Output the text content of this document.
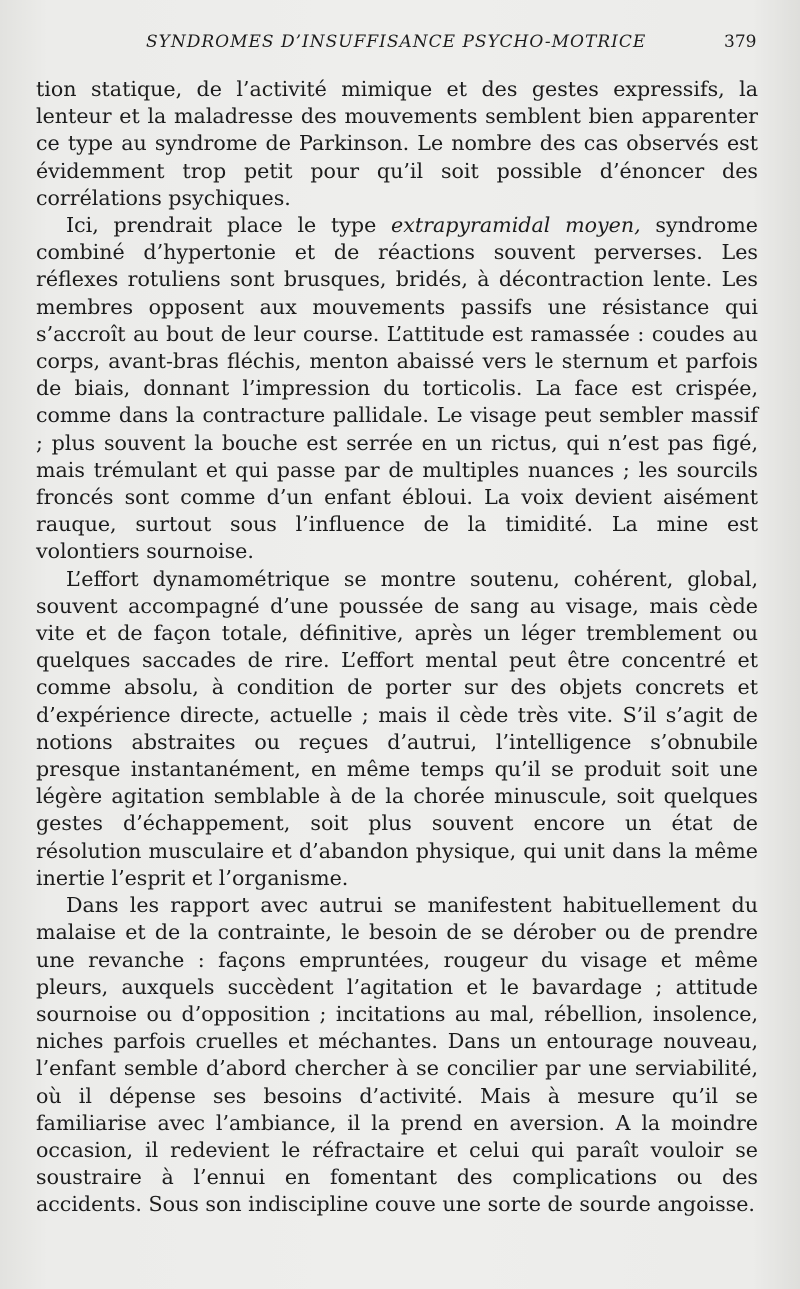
SYNDROMES D’INSUFFISANCE PSYCHO-MOTRICE	379

tion statique, de l’activité mimique et des gestes expressifs, la lenteur et la maladresse des mouvements semblent bien apparenter ce type au syndrome de Parkinson. Le nombre des cas observés est évidemment trop petit pour qu’il soit possible d’énoncer des corrélations psychiques.

Ici, prendrait place le type extrapyramidal moyen, syndrome combiné d’hypertonie et de réactions souvent perverses. Les réflexes rotuliens sont brusques, bridés, à décontraction lente. Les membres opposent aux mouvements passifs une résistance qui s’accroît au bout de leur course. L’attitude est ramassée : coudes au corps, avant-bras fléchis, menton abaissé vers le sternum et parfois de biais, donnant l’impression du torticolis. La face est crispée, comme dans la contracture pallidale. Le visage peut sembler massif ; plus souvent la bouche est serrée en un rictus, qui n’est pas figé, mais trémulant et qui passe par de multiples nuances ; les sourcils froncés sont comme d’un enfant ébloui. La voix devient aisément rauque, surtout sous l’influence de la timidité. La mine est volontiers sournoise.

L’effort dynamométrique se montre soutenu, cohérent, global, souvent accompagné d’une poussée de sang au visage, mais cède vite et de façon totale, définitive, après un léger tremblement ou quelques saccades de rire. L’effort mental peut être concentré et comme absolu, à condition de porter sur des objets concrets et d’expérience directe, actuelle ; mais il cède très vite. S’il s’agit de notions abstraites ou reçues d’autrui, l’intelligence s’obnubile presque instantanément, en même temps qu’il se produit soit une légère agitation semblable à de la chorée minuscule, soit quelques gestes d’échappement, soit plus souvent encore un état de résolution musculaire et d’abandon physique, qui unit dans la même inertie l’esprit et l’organisme.

Dans les rapport avec autrui se manifestent habituellement du malaise et de la contrainte, le besoin de se dérober ou de prendre une revanche : façons empruntées, rougeur du visage et même pleurs, auxquels succèdent l’agitation et le bavardage ; attitude sournoise ou d’opposition ; incitations au mal, rébellion, insolence, niches parfois cruelles et méchantes. Dans un entourage nouveau, l’enfant semble d’abord chercher à se concilier par une serviabilité, où il dépense ses besoins d’activité. Mais à mesure qu’il se familiarise avec l’ambiance, il la prend en aversion. A la moindre occasion, il redevient le réfractaire et celui qui paraît vouloir se soustraire à l’ennui en fomentant des complications ou des accidents. Sous son indiscipline couve une sorte de sourde angoisse.
